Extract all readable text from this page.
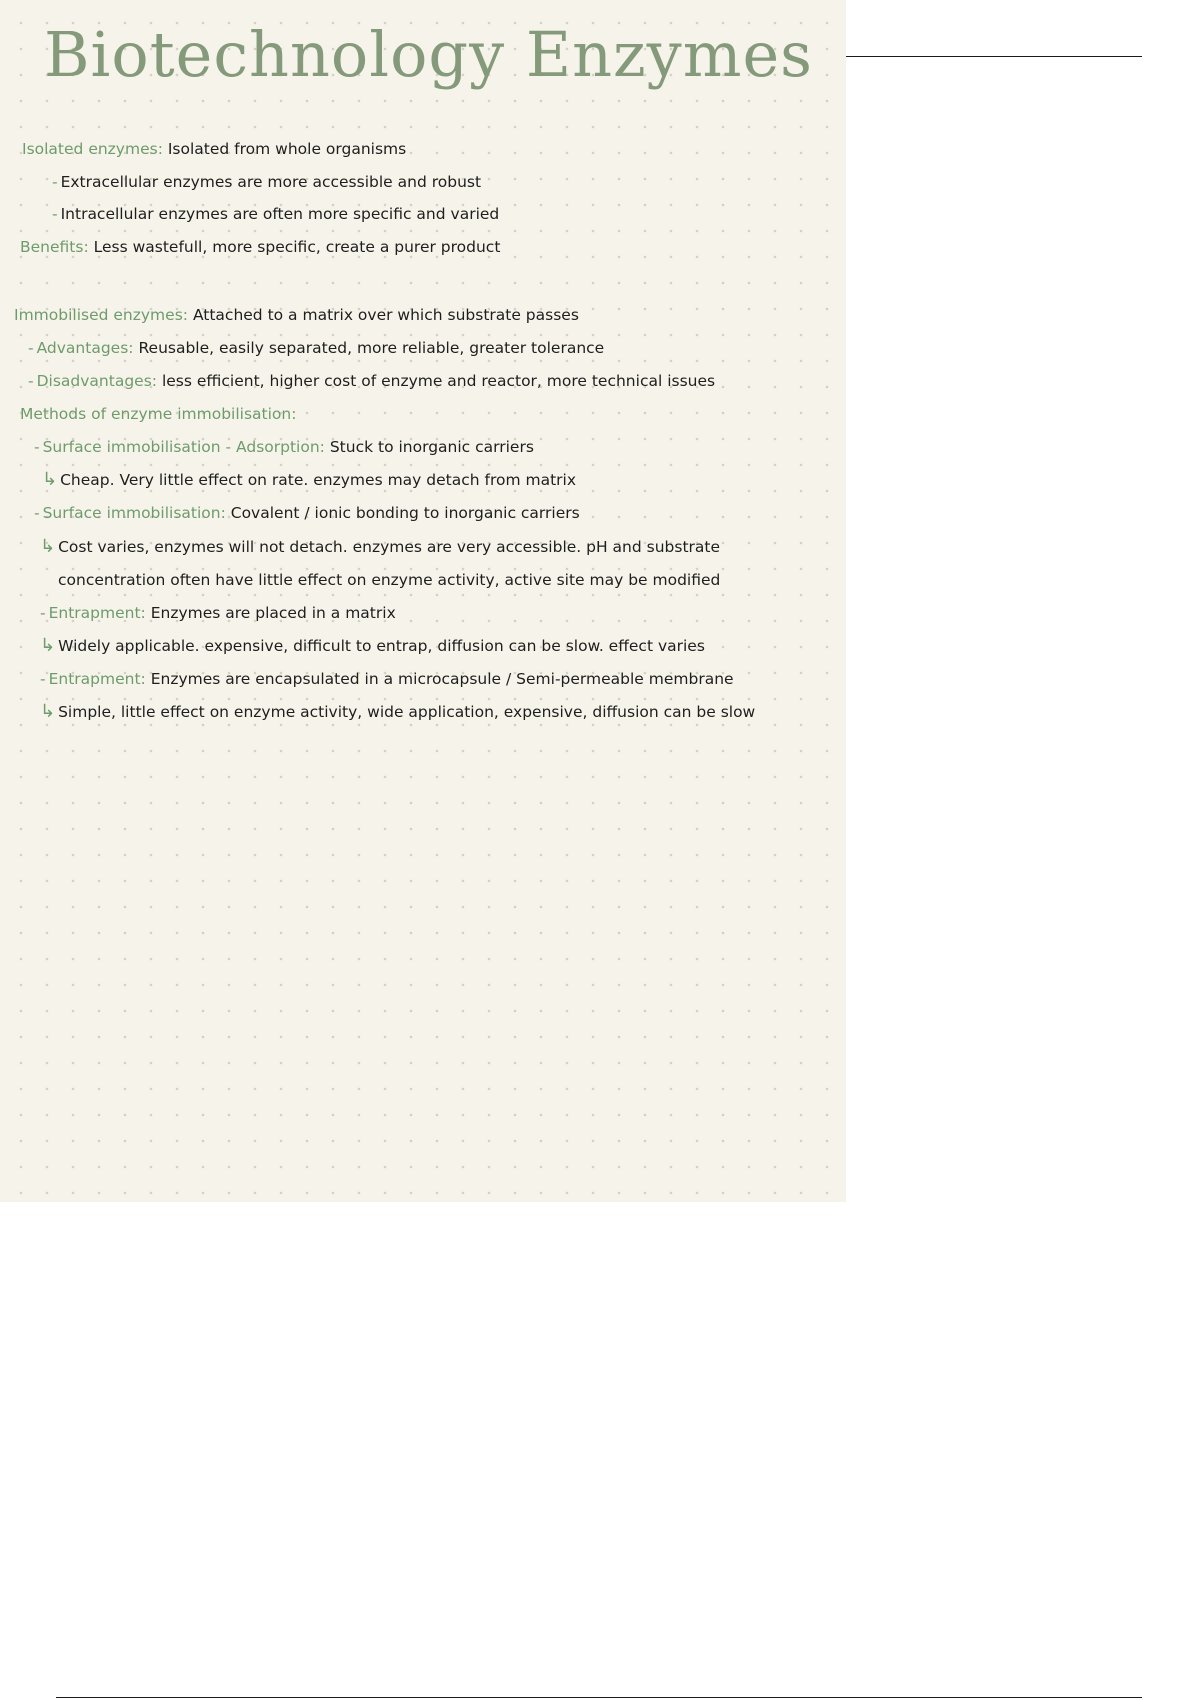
Biotechnology Enzymes
Isolated enzymes: Isolated from whole organisms
- Extracellular enzymes are more accessible and robust
- Intracellular enzymes are often more specific and varied
Benefits: Less wastefull, more specific, create a purer product
Immobilised enzymes: Attached to a matrix over which substrate passes
- Advantages: Reusable, easily separated, more reliable, greater tolerance
- Disadvantages: less efficient, higher cost of enzyme and reactor, more technical issues
Methods of enzyme immobilisation:
- Surface immobilisation - Adsorption: Stuck to inorganic carriers
↳ Cheap. Very little effect on rate. enzymes may detach from matrix
- Surface immobilisation: Covalent / ionic bonding to inorganic carriers
↳ Cost varies, enzymes will not detach. enzymes are very accessible. pH and substrate
concentration often have little effect on enzyme activity, active site may be modified
- Entrapment: Enzymes are placed in a matrix
↳ Widely applicable. expensive, difficult to entrap, diffusion can be slow. effect varies
- Entrapment: Enzymes are encapsulated in a microcapsule / Semi-permeable membrane
↳ Simple, little effect on enzyme activity, wide application, expensive, diffusion can be slow
